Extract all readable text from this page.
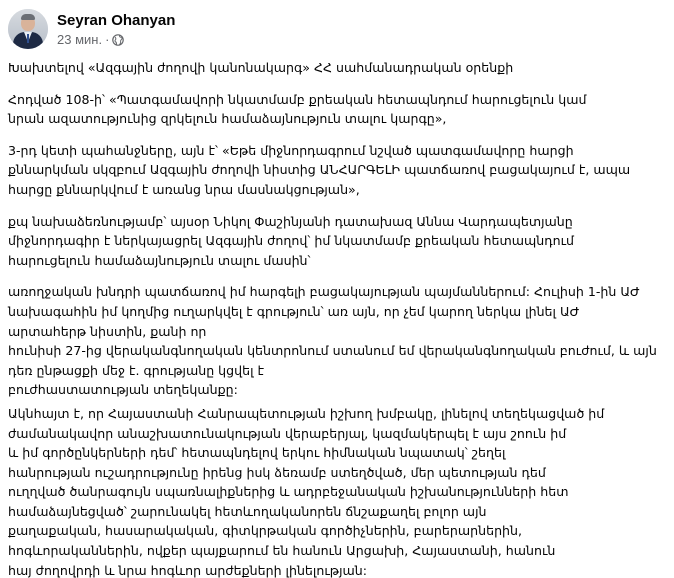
Seyran Ohanyan
23 мин. ·
Խախտելով «Ազգային ժողովի կանոնակարգ» ՀՀ սահմանադրական օրենքի
Հոդված 108-ի՝ «Պատգամավորի նկատմամբ քրեական հետապնդում հարուցելուն կամ
նրան ազատությունից զրկելուն համաձայնություն տալու կարգը»,
3-րդ կետի պահանջները, այն է՝ «Եթե միջնորդագրում նշված պատգամավորը հարցի
քննարկման սկզբում Ազգային ժողովի նիստից ԱՆՀԱՐԳԵԼԻ պատճառով բացակայում է, ապա
հարցը քննարկվում է առանց նրա մասնակցության»,
քպ նախաձեռնությամբ՝ այսօր Նիկոլ Փաշինյանի դատախազ Աննա Վարդապետյանը
միջնորդագիր է ներկայացրել Ազգային ժողով՝ իմ նկատմամբ քրեական հետապնդում
հարուցելուն համաձայնություն տալու մասին՝
առողջական խնդրի պատճառով իմ հարգելի բացակայության պայմաններում: Հուլիսի 1-ին ԱԺ
նախագահին իմ կողմից ուղարկվել է գրություն՝ առ այն, որ չեմ կարող ներկա լինել ԱԺ
արտահերթ նիստին, քանի որ
հունիսի 27-ից վերականգնողական կենտրոնում ստանում եմ վերականգնողական բուժում, և այն
դեռ ընթացքի մեջ է. գրությանը կցվել է
բուժհաստատության տեղեկանքը:
Ակնհայտ է, որ Հայաստանի Հանրապետության իշխող խմբակը, լինելով տեղեկացված իմ
ժամանակավոր անաշխատունակության վերաբերյալ, կազմակերպել է այս շոուն իմ
և իմ գործընկերների դեմ՝ հետապնդելով երկու հիմնական նպատակ՝ շեղել
հանրության ուշադրությունը իրենց իսկ ձեռամբ ստեղծված, մեր պետության դեմ
ուղղված ծանրագույն սպառնալիքներից և ադրբեջանական իշխանությունների հետ
համաձայնեցված՝ շարունակել հետևողականորեն ճնշաքաղել բոլոր այն
քաղաքական, հասարակական, գիտկրթական գործիչներին, բարերարներին,
հոգևորականներին, ովքեր պայքարում են հանուն Արցախի, Հայաստանի, հանուն
հայ ժողովրդի և նրա հոգևոր արժեքների լինելության:
